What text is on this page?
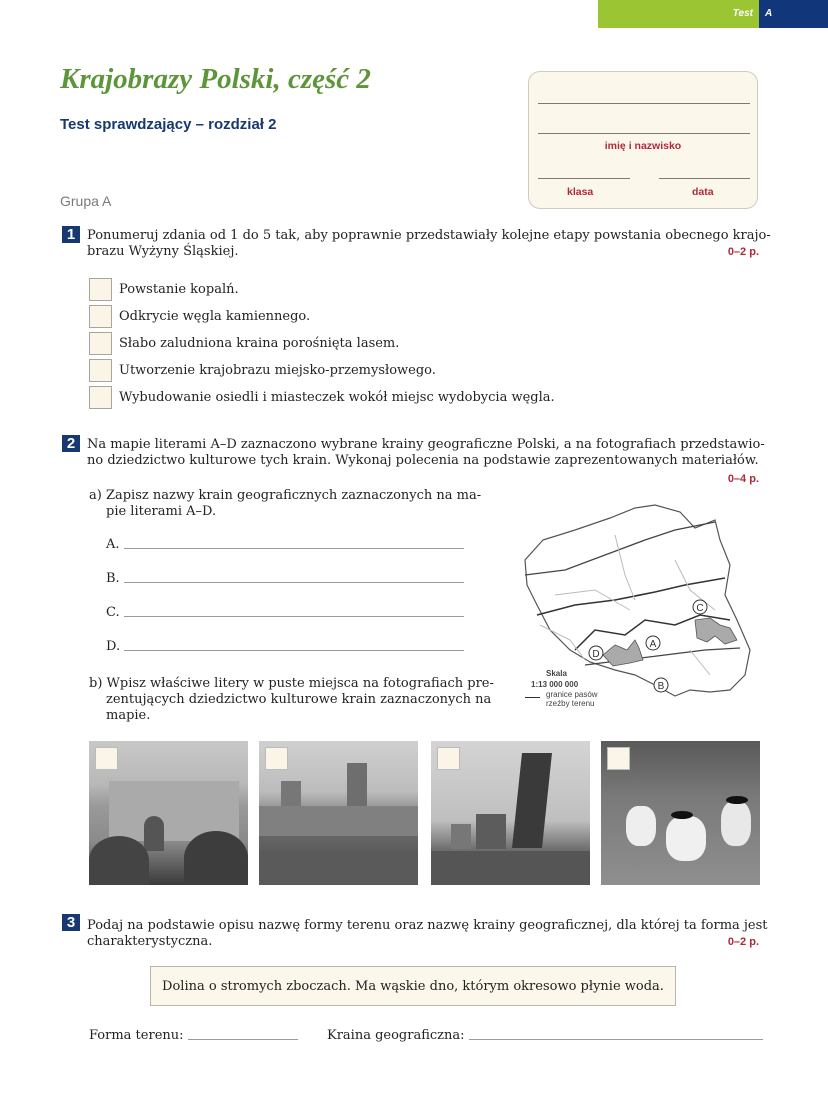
Test A
Krajobrazy Polski, część 2
Test sprawdzający – rozdział 2
Grupa A
imię i nazwisko
klasa	data
1 Ponumeruj zdania od 1 do 5 tak, aby poprawnie przedstawiały kolejne etapy powstania obecnego krajo-
brazu Wyżyny Śląskiej.	0–2 p.
Powstanie kopalń.
Odkrycie węgla kamiennego.
Słabo zaludniona kraina porośnięta lasem.
Utworzenie krajobrazu miejsko-przemysłowego.
Wybudowanie osiedli i miasteczek wokół miejsc wydobycia węgla.
2 Na mapie literami A–D zaznaczono wybrane krainy geograficzne Polski, a na fotografiach przedstawio-
no dziedzictwo kulturowe tych krain. Wykonaj polecenia na podstawie zaprezentowanych materiałów.
0–4 p.
a) Zapisz nazwy krain geograficznych zaznaczonych na ma-
pie literami A–D.
A.
B.
C.
D.
b) Wpisz właściwe litery w puste miejsca na fotografiach pre-
zentujących dziedzictwo kulturowe krain zaznaczonych na
mapie.
A
B
C
D
Skala
1:13 000 000
granice pasów
rzeźby terenu
3 Podaj na podstawie opisu nazwę formy terenu oraz nazwę krainy geograficznej, dla której ta forma jest
charakterystyczna.	0–2 p.
Dolina o stromych zboczach. Ma wąskie dno, którym okresowo płynie woda.
Forma terenu:	Kraina geograficzna:
